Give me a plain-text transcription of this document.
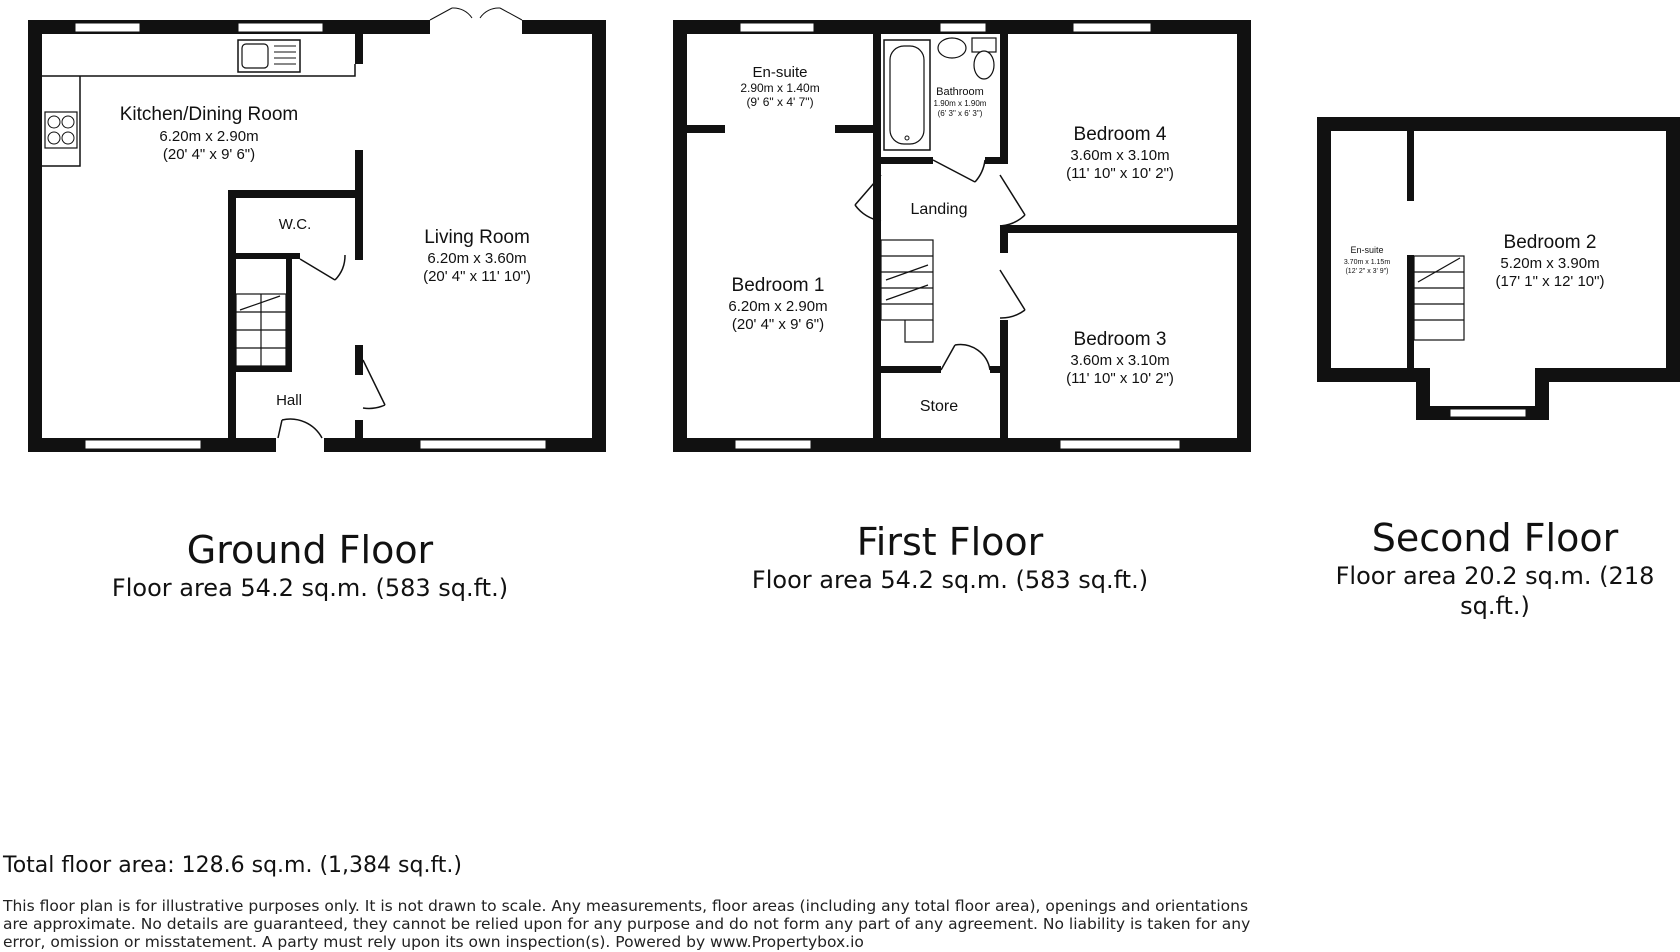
Kitchen/Dining Room
6.20m x 2.90m
(20' 4" x 9' 6")
Living Room
6.20m x 3.60m
(20' 4" x 11' 10")
W.C.
Hall
En-suite
2.90m x 1.40m
(9' 6" x 4' 7")
Bathroom
1.90m x 1.90m
(6' 3" x 6' 3")
Bedroom 4
3.60m x 3.10m
(11' 10" x 10' 2")
Landing
Bedroom 1
6.20m x 2.90m
(20' 4" x 9' 6")
Bedroom 3
3.60m x 3.10m
(11' 10" x 10' 2")
Store
En-suite
3.70m x 1.15m
(12' 2" x 3' 9")
Bedroom 2
5.20m x 3.90m
(17' 1" x 12' 10")
Ground Floor
Floor area 54.2 sq.m. (583 sq.ft.)
First Floor
Floor area 54.2 sq.m. (583 sq.ft.)
Second Floor
Floor area 20.2 sq.m. (218
sq.ft.)
Total floor area: 128.6 sq.m. (1,384 sq.ft.)
This floor plan is for illustrative purposes only. It is not drawn to scale. Any measurements, floor areas (including any total floor area), openings and orientations are approximate. No details are guaranteed, they cannot be relied upon for any purpose and do not form any part of any agreement. No liability is taken for any error, omission or misstatement. A party must rely upon its own inspection(s). Powered by www.Propertybox.io
